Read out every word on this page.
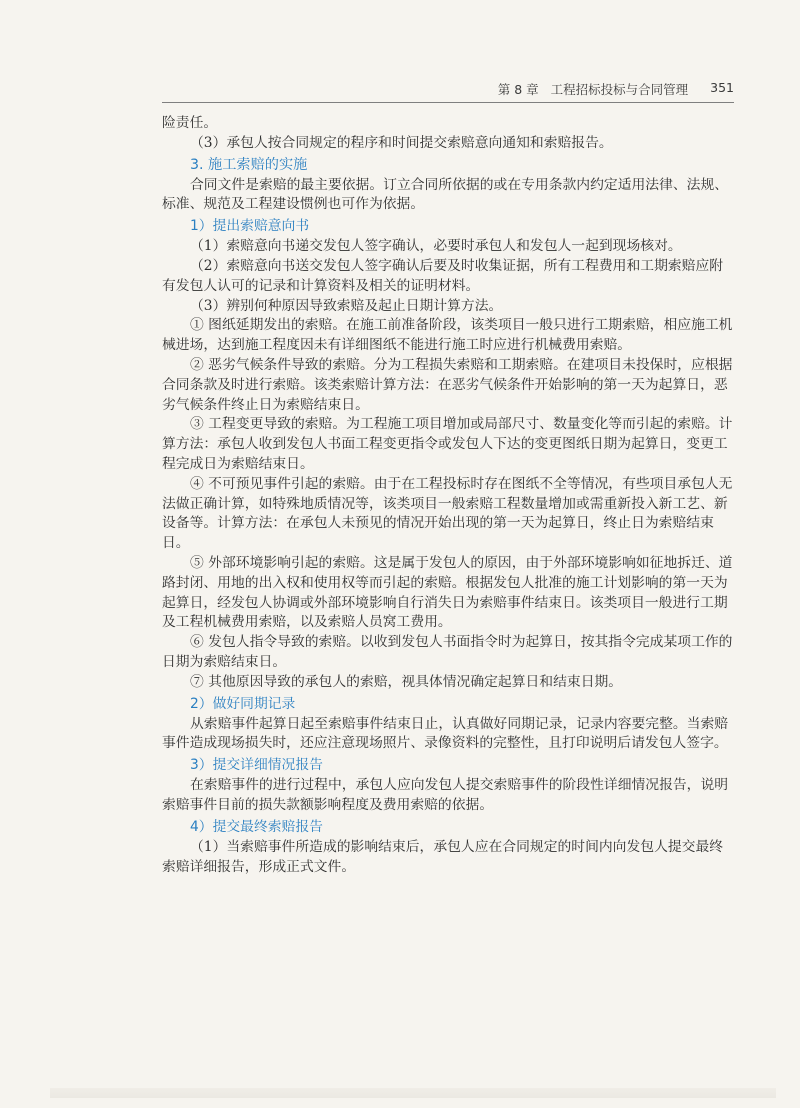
第 8 章 工程招标投标与合同管理 351

险责任。

（3）承包人按合同规定的程序和时间提交索赔意向通知和索赔报告。

3. 施工索赔的实施

合同文件是索赔的最主要依据。订立合同所依据的或在专用条款内约定适用法律、法规、标准、规范及工程建设惯例也可作为依据。

1）提出索赔意向书

（1）索赔意向书递交发包人签字确认，必要时承包人和发包人一起到现场核对。

（2）索赔意向书送交发包人签字确认后要及时收集证据，所有工程费用和工期索赔应附有发包人认可的记录和计算资料及相关的证明材料。

（3）辨别何种原因导致索赔及起止日期计算方法。

① 图纸延期发出的索赔。在施工前准备阶段，该类项目一般只进行工期索赔，相应施工机械进场，达到施工程度因未有详细图纸不能进行施工时应进行机械费用索赔。

② 恶劣气候条件导致的索赔。分为工程损失索赔和工期索赔。在建项目未投保时，应根据合同条款及时进行索赔。该类索赔计算方法：在恶劣气候条件开始影响的第一天为起算日，恶劣气候条件终止日为索赔结束日。

③ 工程变更导致的索赔。为工程施工项目增加或局部尺寸、数量变化等而引起的索赔。计算方法：承包人收到发包人书面工程变更指令或发包人下达的变更图纸日期为起算日，变更工程完成日为索赔结束日。

④ 不可预见事件引起的索赔。由于在工程投标时存在图纸不全等情况，有些项目承包人无法做正确计算，如特殊地质情况等，该类项目一般索赔工程数量增加或需重新投入新工艺、新设备等。计算方法：在承包人未预见的情况开始出现的第一天为起算日，终止日为索赔结束日。

⑤ 外部环境影响引起的索赔。这是属于发包人的原因，由于外部环境影响如征地拆迁、道路封闭、用地的出入权和使用权等而引起的索赔。根据发包人批准的施工计划影响的第一天为起算日，经发包人协调或外部环境影响自行消失日为索赔事件结束日。该类项目一般进行工期及工程机械费用索赔，以及索赔人员窝工费用。

⑥ 发包人指令导致的索赔。以收到发包人书面指令时为起算日，按其指令完成某项工作的日期为索赔结束日。

⑦ 其他原因导致的承包人的索赔，视具体情况确定起算日和结束日期。

2）做好同期记录

从索赔事件起算日起至索赔事件结束日止，认真做好同期记录，记录内容要完整。当索赔事件造成现场损失时，还应注意现场照片、录像资料的完整性，且打印说明后请发包人签字。

3）提交详细情况报告

在索赔事件的进行过程中，承包人应向发包人提交索赔事件的阶段性详细情况报告，说明索赔事件目前的损失款额影响程度及费用索赔的依据。

4）提交最终索赔报告

（1）当索赔事件所造成的影响结束后，承包人应在合同规定的时间内向发包人提交最终索赔详细报告，形成正式文件。
